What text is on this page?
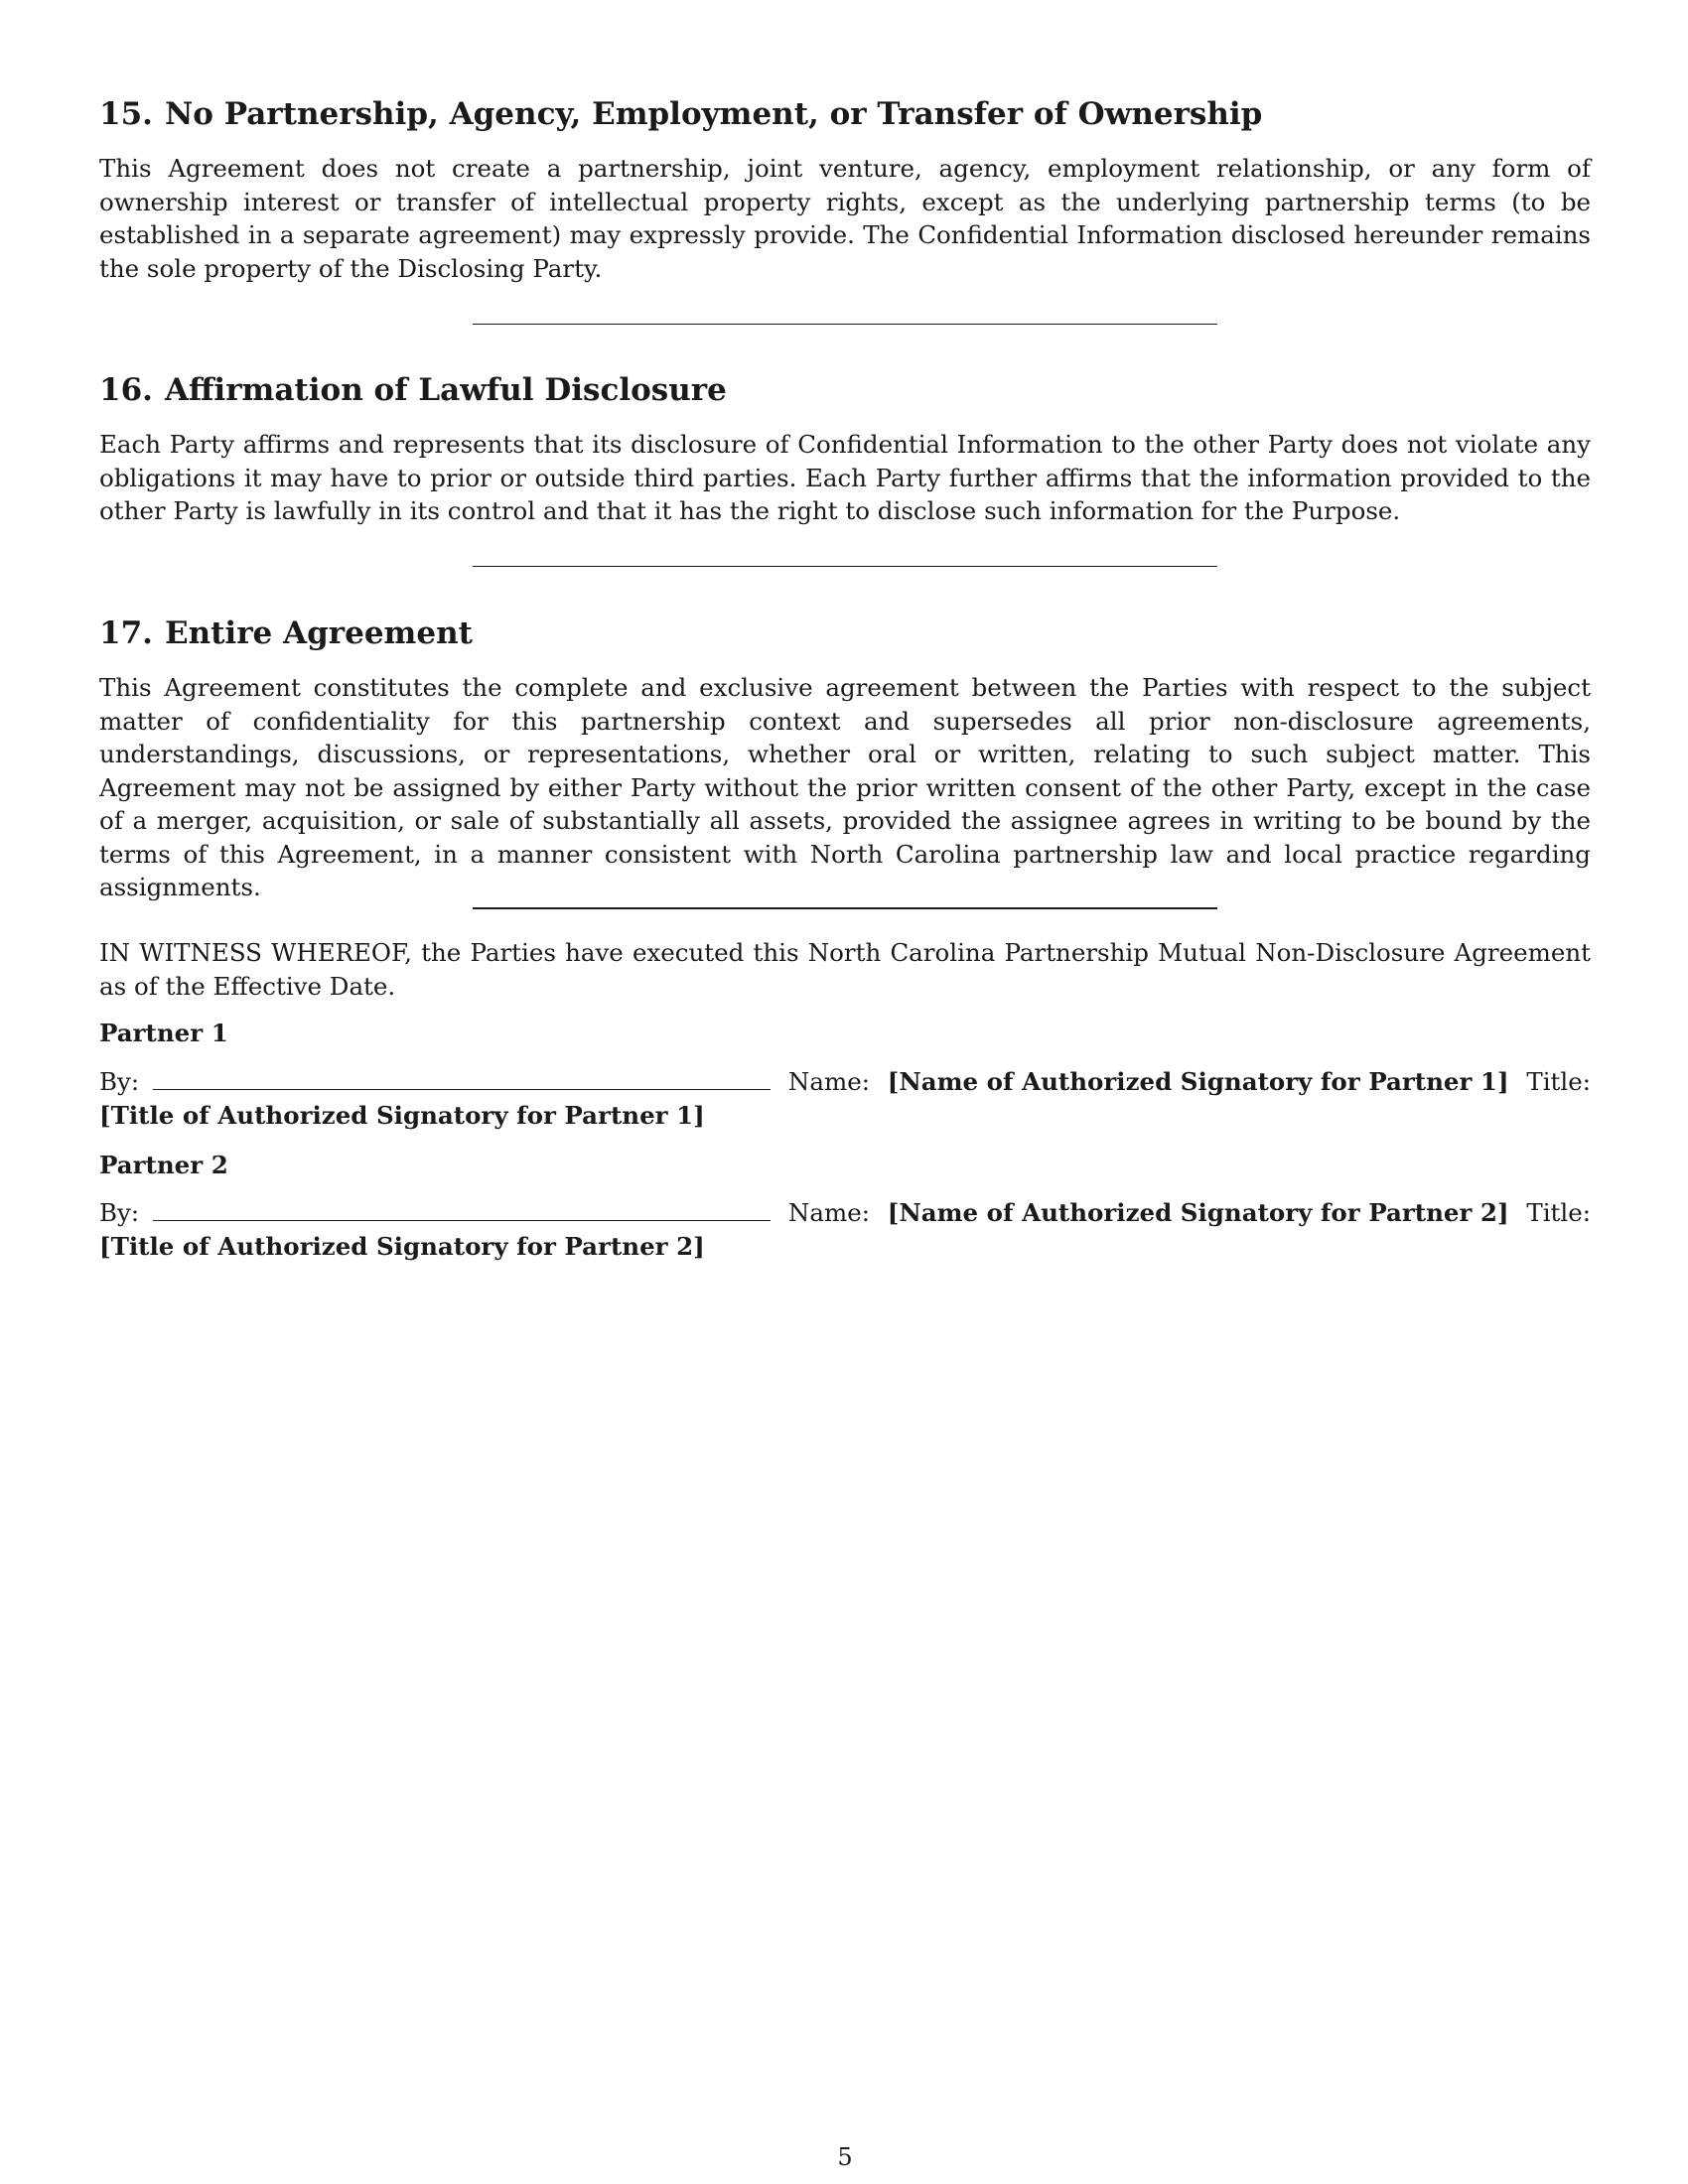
15. No Partnership, Agency, Employment, or Transfer of Ownership

This Agreement does not create a partnership, joint venture, agency, employment relationship, or any form of ownership interest or transfer of intellectual property rights, except as the underlying partnership terms (to be established in a separate agreement) may expressly provide. The Confidential Information disclosed hereunder remains the sole property of the Disclosing Party.

16. Affirmation of Lawful Disclosure

Each Party affirms and represents that its disclosure of Confidential Information to the other Party does not violate any obligations it may have to prior or outside third parties. Each Party further affirms that the information provided to the other Party is lawfully in its control and that it has the right to disclose such information for the Purpose.

17. Entire Agreement

This Agreement constitutes the complete and exclusive agreement between the Parties with respect to the subject matter of confidentiality for this partnership context and supersedes all prior non-disclosure agreements, understandings, discussions, or representations, whether oral or written, relating to such subject matter. This Agreement may not be assigned by either Party without the prior written consent of the other Party, except in the case of a merger, acquisition, or sale of substantially all assets, provided the assignee agrees in writing to be bound by the terms of this Agreement, in a manner consistent with North Carolina partnership law and local practice regarding assignments.

IN WITNESS WHEREOF, the Parties have executed this North Carolina Partnership Mutual Non-Disclosure Agreement as of the Effective Date.

Partner 1

By:	Name: [Name of Authorized Signatory for Partner 1] Title:
[Title of Authorized Signatory for Partner 1]

Partner 2

By:	Name: [Name of Authorized Signatory for Partner 2] Title:
[Title of Authorized Signatory for Partner 2]
5
